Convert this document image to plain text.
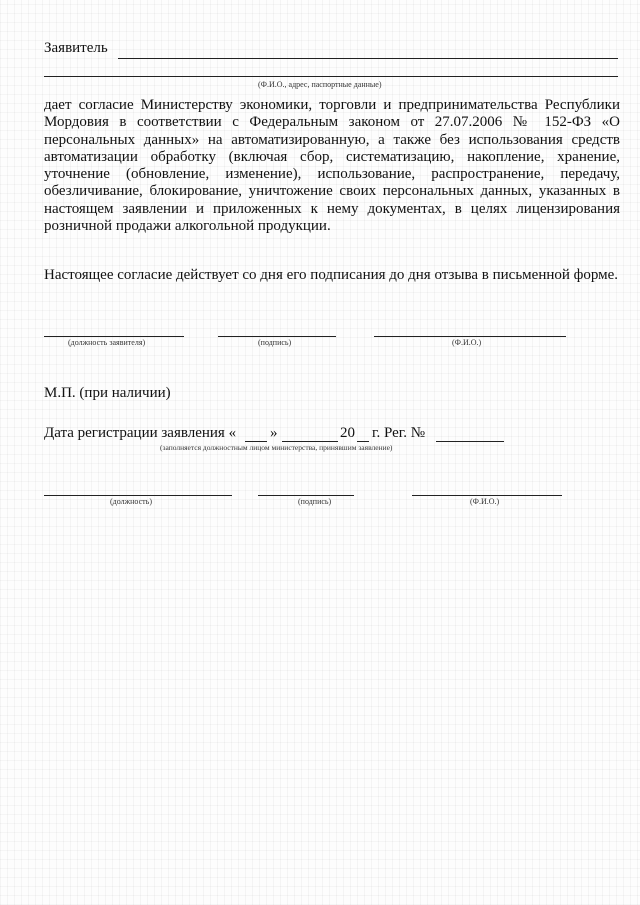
Заявитель
(Ф.И.О., адрес, паспортные данные)
дает согласие Министерству экономики, торговли и предпринимательства Республики Мордовия в соответствии с Федеральным законом от 27.07.2006 № 152-ФЗ «О персональных данных» на автоматизированную, а также без использования средств автоматизации обработку (включая сбор, систематизацию, накопление, хранение, уточнение (обновление, изменение), использование, распространение, передачу, обезличивание, блокирование, уничтожение своих персональных данных, указанных в настоящем заявлении и приложенных к нему документах, в целях лицензирования розничной продажи алкогольной продукции.
Настоящее согласие действует со дня его подписания до дня отзыва в письменной форме.
(должность заявителя)	(подпись)	(Ф.И.О.)
М.П. (при наличии)
Дата регистрации заявления « »	20 г. Рег. №
(заполняется должностным лицом министерства, принявшим заявление)
(должность)	(подпись)	(Ф.И.О.)
